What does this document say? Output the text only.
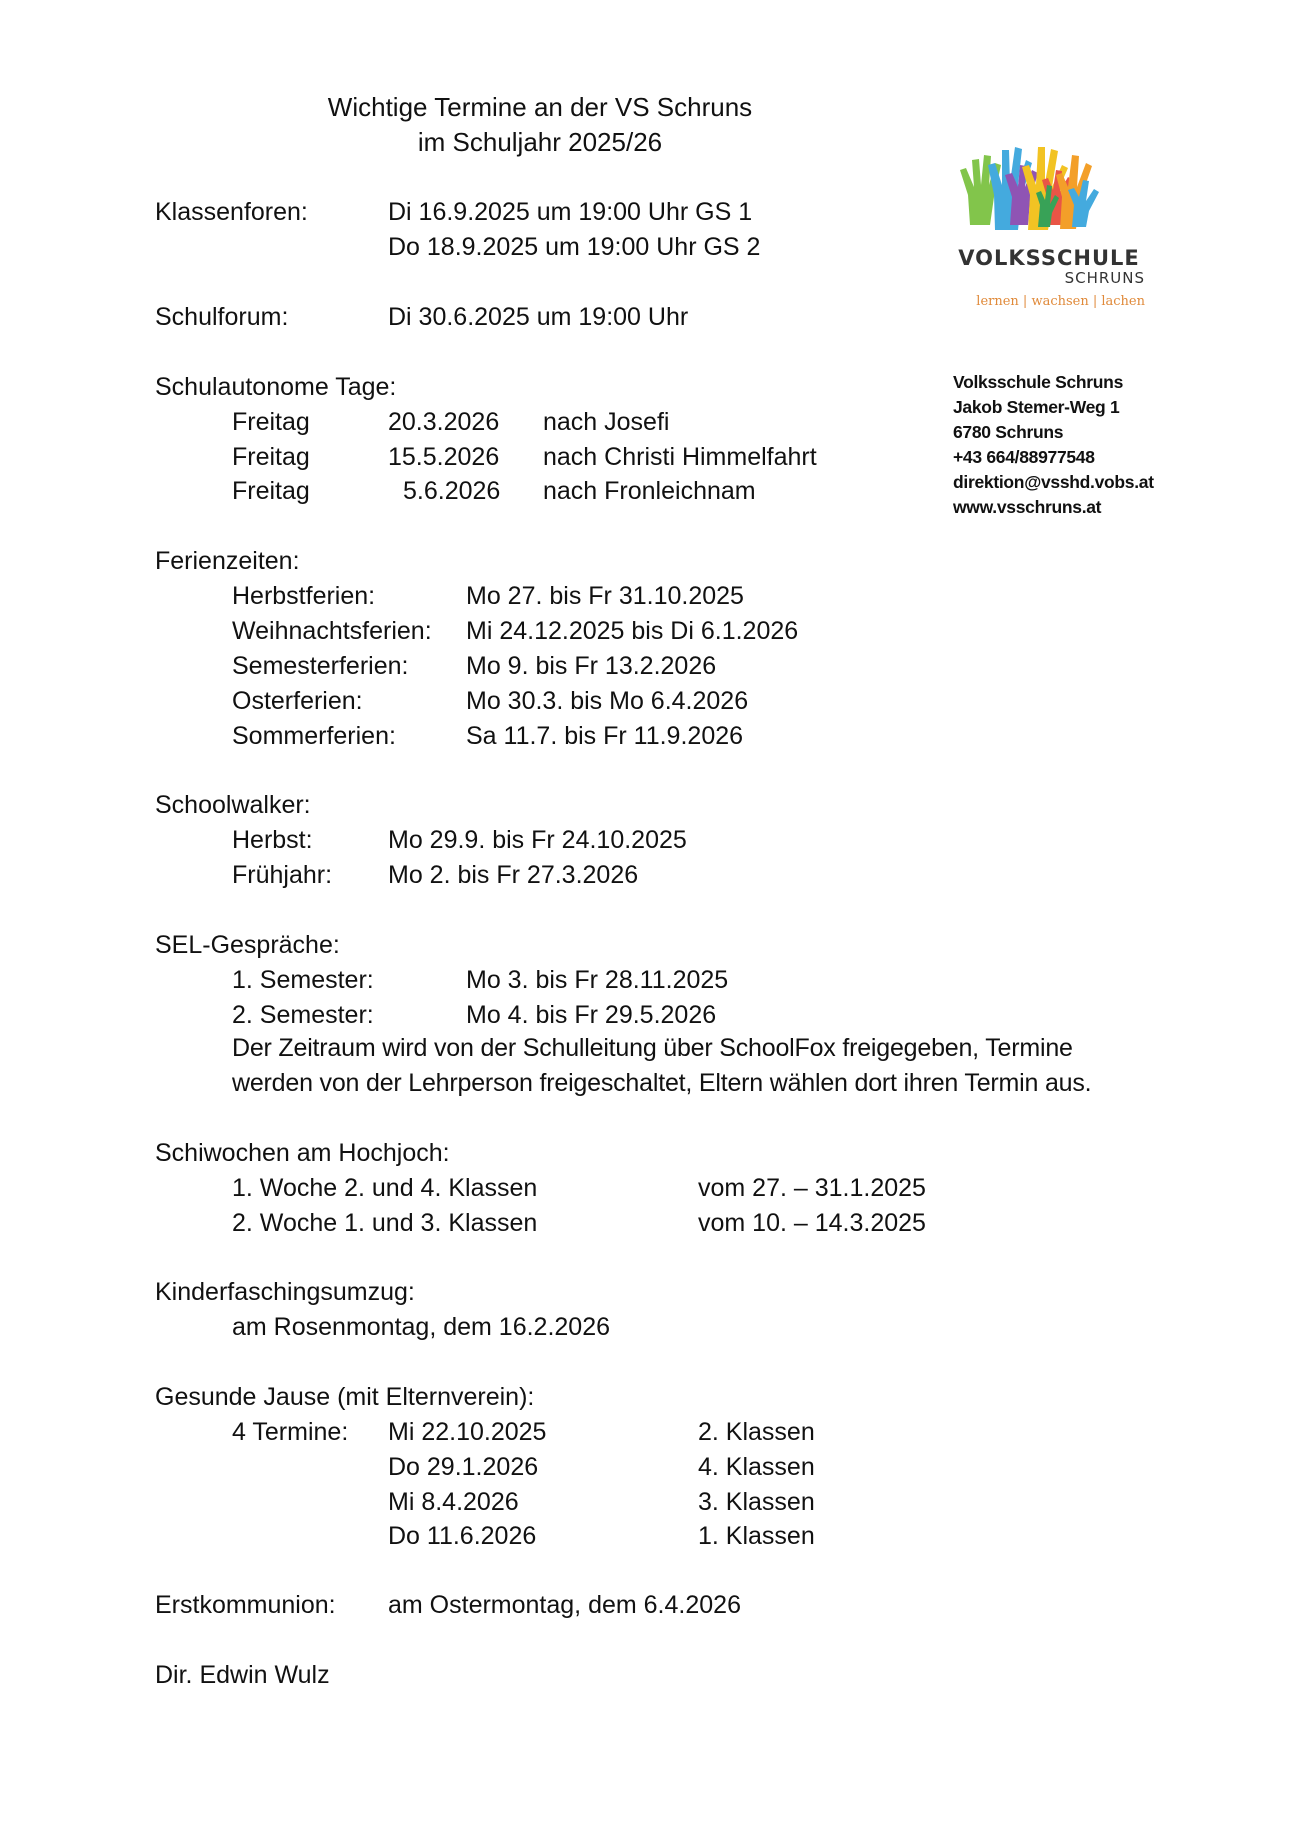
Wichtige Termine an der VS Schruns
im Schuljahr 2025/26
VOLKSSCHULE
SCHRUNS
lernen | wachsen | lachen
Volksschule Schruns
Jakob Stemer-Weg 1
6780 Schruns
+43 664/88977548
direktion@vsshd.vobs.at
www.vsschruns.at
Klassenforen:	Di 16.9.2025 um 19:00 Uhr GS 1
Do 18.9.2025 um 19:00 Uhr GS 2
Schulforum:	Di 30.6.2025 um 19:00 Uhr
Schulautonome Tage:
Freitag	20.3.2026 nach Josefi
Freitag	15.5.2026 nach Christi Himmelfahrt
Freitag	5.6.2026 nach Fronleichnam
Ferienzeiten:
Herbstferien:	Mo 27. bis Fr 31.10.2025
Weihnachtsferien: Mi 24.12.2025 bis Di 6.1.2026
Semesterferien: Mo 9. bis Fr 13.2.2026
Osterferien:	Mo 30.3. bis Mo 6.4.2026
Sommerferien:	Sa 11.7. bis Fr 11.9.2026
Schoolwalker:
Herbst:	Mo 29.9. bis Fr 24.10.2025
Frühjahr: Mo 2. bis Fr 27.3.2026
SEL-Gespräche:
1. Semester:	Mo 3. bis Fr 28.11.2025
2. Semester:	Mo 4. bis Fr 29.5.2026
Der Zeitraum wird von der Schulleitung über SchoolFox freigegeben, Termine
werden von der Lehrperson freigeschaltet, Eltern wählen dort ihren Termin aus.
Schiwochen am Hochjoch:
1. Woche 2. und 4. Klassen	vom 27. – 31.1.2025
2. Woche 1. und 3. Klassen	vom 10. – 14.3.2025
Kinderfaschingsumzug:
am Rosenmontag, dem 16.2.2026
Gesunde Jause (mit Elternverein):
4 Termine: Mi 22.10.2025	2. Klassen
Do 29.1.2026	4. Klassen
Mi 8.4.2026	3. Klassen
Do 11.6.2026	1. Klassen
Erstkommunion: am Ostermontag, dem 6.4.2026
Dir. Edwin Wulz
